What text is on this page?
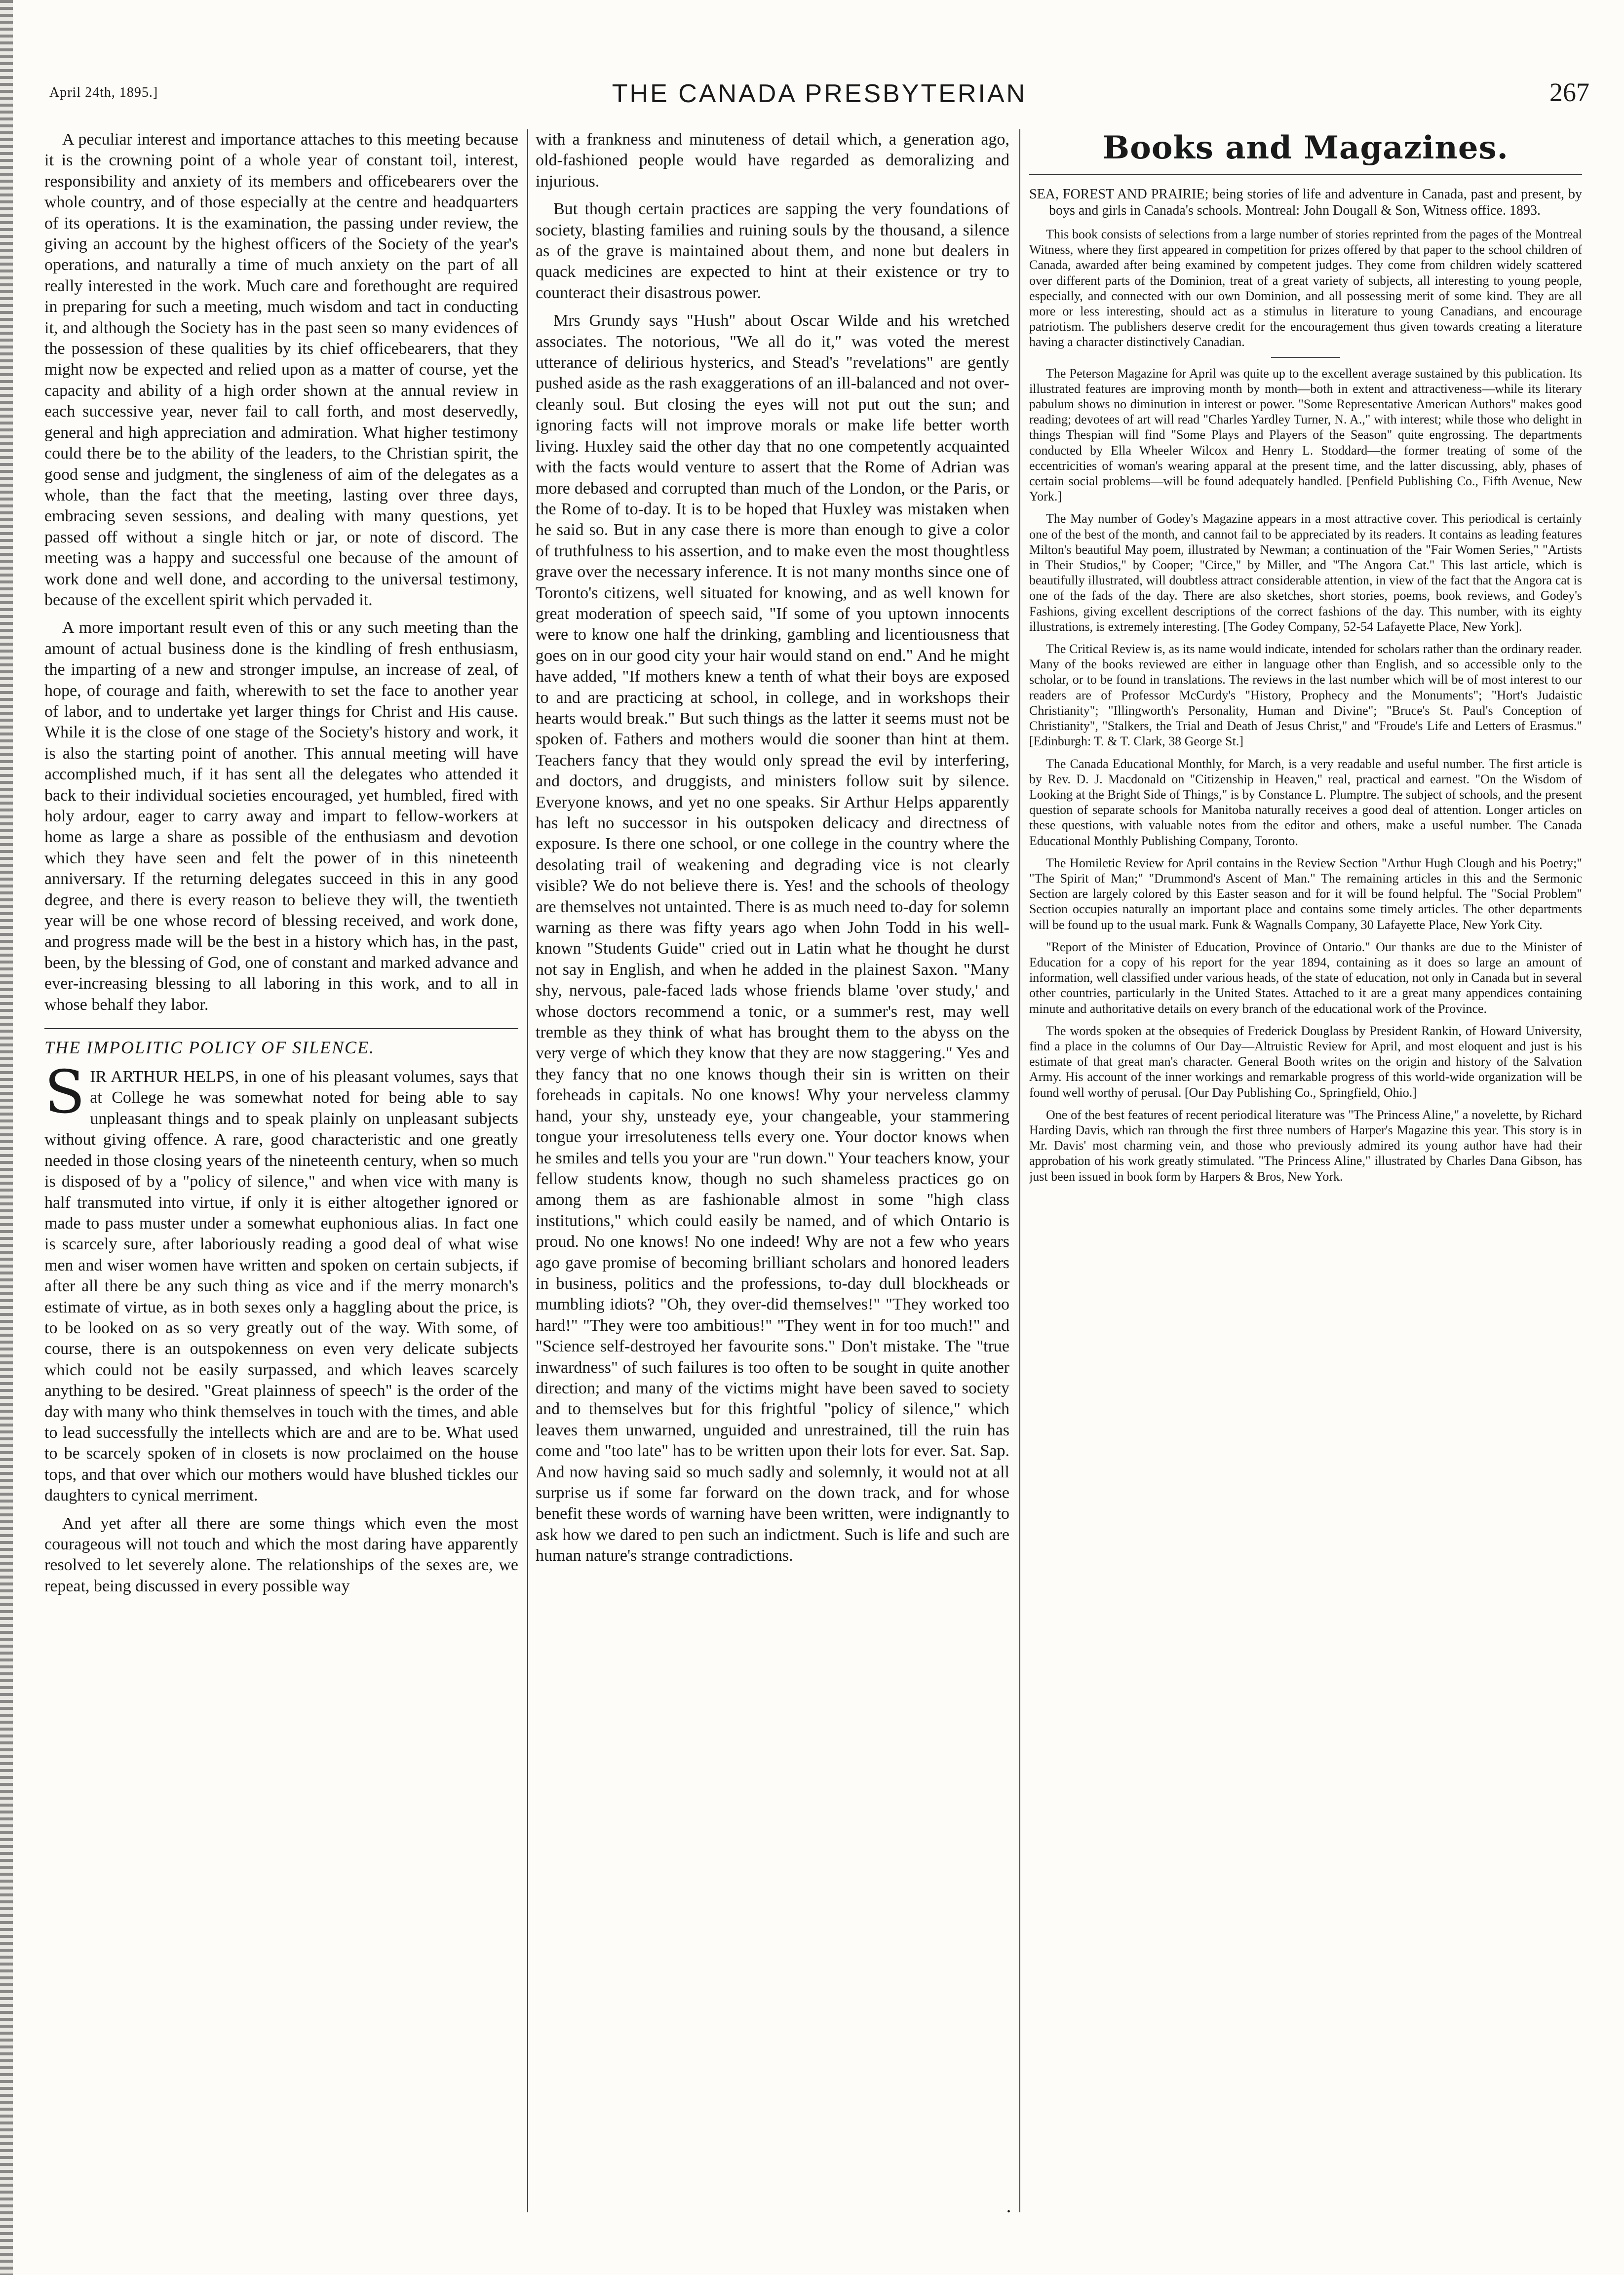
April 24th, 1895.]	THE CANADA PRESBYTERIAN	267

A peculiar interest and importance attaches to this meeting because it is the crowning point of a whole year of constant toil, interest, responsibility and anxiety of its members and officebearers over the whole country, and of those especially at the centre and headquarters of its operations. It is the examination, the passing under review, the giving an account by the highest officers of the Society of the year's operations, and naturally a time of much anxiety on the part of all really interested in the work. Much care and forethought are required in preparing for such a meeting, much wisdom and tact in conducting it, and although the Society has in the past seen so many evidences of the possession of these qualities by its chief officebearers, that they might now be expected and relied upon as a matter of course, yet the capacity and ability of a high order shown at the annual review in each successive year, never fail to call forth, and most deservedly, general and high appreciation and admiration. What higher testimony could there be to the ability of the leaders, to the Christian spirit, the good sense and judgment, the singleness of aim of the delegates as a whole, than the fact that the meeting, lasting over three days, embracing seven sessions, and dealing with many questions, yet passed off without a single hitch or jar, or note of discord. The meeting was a happy and successful one because of the amount of work done and well done, and according to the universal testimony, because of the excellent spirit which pervaded it.

A more important result even of this or any such meeting than the amount of actual business done is the kindling of fresh enthusiasm, the imparting of a new and stronger impulse, an increase of zeal, of hope, of courage and faith, wherewith to set the face to another year of labor, and to undertake yet larger things for Christ and His cause. While it is the close of one stage of the Society's history and work, it is also the starting point of another. This annual meeting will have accomplished much, if it has sent all the delegates who attended it back to their individual societies encouraged, yet humbled, fired with holy ardour, eager to carry away and impart to fellow-workers at home as large a share as possible of the enthusiasm and devotion which they have seen and felt the power of in this nineteenth anniversary. If the returning delegates succeed in this in any good degree, and there is every reason to believe they will, the twentieth year will be one whose record of blessing received, and work done, and progress made will be the best in a history which has, in the past, been, by the blessing of God, one of constant and marked advance and ever-increasing blessing to all laboring in this work, and to all in whose behalf they labor.

THE IMPOLITIC POLICY OF SILENCE.

SIR ARTHUR HELPS, in one of his pleasant volumes, says that at College he was somewhat noted for being able to say unpleasant things and to speak plainly on unpleasant subjects without giving offence. A rare, good characteristic and one greatly needed in those closing years of the nineteenth century, when so much is disposed of by a "policy of silence," and when vice with many is half transmuted into virtue, if only it is either altogether ignored or made to pass muster under a somewhat euphonious alias. In fact one is scarcely sure, after laboriously reading a good deal of what wise men and wiser women have written and spoken on certain subjects, if after all there be any such thing as vice and if the merry monarch's estimate of virtue, as in both sexes only a haggling about the price, is to be looked on as so very greatly out of the way. With some, of course, there is an outspokenness on even very delicate subjects which could not be easily surpassed, and which leaves scarcely anything to be desired. "Great plainness of speech" is the order of the day with many who think themselves in touch with the times, and able to lead successfully the intellects which are and are to be. What used to be scarcely spoken of in closets is now proclaimed on the house tops, and that over which our mothers would have blushed tickles our daughters to cynical merriment.

And yet after all there are some things which even the most courageous will not touch and which the most daring have apparently resolved to let severely alone. The relationships of the sexes are, we repeat, being discussed in every possible way

with a frankness and minuteness of detail which, a generation ago, old-fashioned people would have regarded as demoralizing and injurious.

But though certain practices are sapping the very foundations of society, blasting families and ruining souls by the thousand, a silence as of the grave is maintained about them, and none but dealers in quack medicines are expected to hint at their existence or try to counteract their disastrous power.

Mrs Grundy says "Hush" about Oscar Wilde and his wretched associates. The notorious, "We all do it," was voted the merest utterance of delirious hysterics, and Stead's "revelations" are gently pushed aside as the rash exaggerations of an ill-balanced and not over-cleanly soul. But closing the eyes will not put out the sun; and ignoring facts will not improve morals or make life better worth living. Huxley said the other day that no one competently acquainted with the facts would venture to assert that the Rome of Adrian was more debased and corrupted than much of the London, or the Paris, or the Rome of to-day. It is to be hoped that Huxley was mistaken when he said so. But in any case there is more than enough to give a color of truthfulness to his assertion, and to make even the most thoughtless grave over the necessary inference. It is not many months since one of Toronto's citizens, well situated for knowing, and as well known for great moderation of speech said, "If some of you uptown innocents were to know one half the drinking, gambling and licentiousness that goes on in our good city your hair would stand on end." And he might have added, "If mothers knew a tenth of what their boys are exposed to and are practicing at school, in college, and in workshops their hearts would break." But such things as the latter it seems must not be spoken of. Fathers and mothers would die sooner than hint at them. Teachers fancy that they would only spread the evil by interfering, and doctors, and druggists, and ministers follow suit by silence. Everyone knows, and yet no one speaks. Sir Arthur Helps apparently has left no successor in his outspoken delicacy and directness of exposure. Is there one school, or one college in the country where the desolating trail of weakening and degrading vice is not clearly visible? We do not believe there is. Yes! and the schools of theology are themselves not untainted. There is as much need to-day for solemn warning as there was fifty years ago when John Todd in his well-known "Students Guide" cried out in Latin what he thought he durst not say in English, and when he added in the plainest Saxon. "Many shy, nervous, pale-faced lads whose friends blame 'over study,' and whose doctors recommend a tonic, or a summer's rest, may well tremble as they think of what has brought them to the abyss on the very verge of which they know that they are now staggering." Yes and they fancy that no one knows though their sin is written on their foreheads in capitals. No one knows! Why your nerveless clammy hand, your shy, unsteady eye, your changeable, your stammering tongue your irresoluteness tells every one. Your doctor knows when he smiles and tells you your are "run down." Your teachers know, your fellow students know, though no such shameless practices go on among them as are fashionable almost in some "high class institutions," which could easily be named, and of which Ontario is proud. No one knows! No one indeed! Why are not a few who years ago gave promise of becoming brilliant scholars and honored leaders in business, politics and the professions, to-day dull blockheads or mumbling idiots? "Oh, they over-did themselves!" "They worked too hard!" "They were too ambitious!" "They went in for too much!" and "Science self-destroyed her favourite sons." Don't mistake. The "true inwardness" of such failures is too often to be sought in quite another direction; and many of the victims might have been saved to society and to themselves but for this frightful "policy of silence," which leaves them unwarned, unguided and unrestrained, till the ruin has come and "too late" has to be written upon their lots for ever. Sat. Sap. And now having said so much sadly and solemnly, it would not at all surprise us if some far forward on the down track, and for whose benefit these words of warning have been written, were indignantly to ask how we dared to pen such an indictment. Such is life and such are human nature's strange contradictions.

Books and Magazines.

SEA, FOREST AND PRAIRIE; being stories of life and adventure in Canada, past and present, by boys and girls in Canada's schools. Montreal: John Dougall & Son, Witness office. 1893.

This book consists of selections from a large number of stories reprinted from the pages of the Montreal Witness, where they first appeared in competition for prizes offered by that paper to the school children of Canada, awarded after being examined by competent judges. They come from children widely scattered over different parts of the Dominion, treat of a great variety of subjects, all interesting to young people, especially, and connected with our own Dominion, and all possessing merit of some kind. They are all more or less interesting, should act as a stimulus in literature to young Canadians, and encourage patriotism. The publishers deserve credit for the encouragement thus given towards creating a literature having a character distinctively Canadian.

The Peterson Magazine for April was quite up to the excellent average sustained by this publication. Its illustrated features are improving month by month—both in extent and attractiveness—while its literary pabulum shows no diminution in interest or power. "Some Representative American Authors" makes good reading; devotees of art will read "Charles Yardley Turner, N. A.," with interest; while those who delight in things Thespian will find "Some Plays and Players of the Season" quite engrossing. The departments conducted by Ella Wheeler Wilcox and Henry L. Stoddard—the former treating of some of the eccentricities of woman's wearing apparal at the present time, and the latter discussing, ably, phases of certain social problems—will be found adequately handled. [Penfield Publishing Co., Fifth Avenue, New York.]

The May number of Godey's Magazine appears in a most attractive cover. This periodical is certainly one of the best of the month, and cannot fail to be appreciated by its readers. It contains as leading features Milton's beautiful May poem, illustrated by Newman; a continuation of the "Fair Women Series," "Artists in Their Studios," by Cooper; "Circe," by Miller, and "The Angora Cat." This last article, which is beautifully illustrated, will doubtless attract considerable attention, in view of the fact that the Angora cat is one of the fads of the day. There are also sketches, short stories, poems, book reviews, and Godey's Fashions, giving excellent descriptions of the correct fashions of the day. This number, with its eighty illustrations, is extremely interesting. [The Godey Company, 52-54 Lafayette Place, New York].

The Critical Review is, as its name would indicate, intended for scholars rather than the ordinary reader. Many of the books reviewed are either in language other than English, and so accessible only to the scholar, or to be found in translations. The reviews in the last number which will be of most interest to our readers are of Professor McCurdy's "History, Prophecy and the Monuments"; "Hort's Judaistic Christianity"; "Illingworth's Personality, Human and Divine"; "Bruce's St. Paul's Conception of Christianity", "Stalkers, the Trial and Death of Jesus Christ," and "Froude's Life and Letters of Erasmus." [Edinburgh: T. & T. Clark, 38 George St.]

The Canada Educational Monthly, for March, is a very readable and useful number. The first article is by Rev. D. J. Macdonald on "Citizenship in Heaven," real, practical and earnest. "On the Wisdom of Looking at the Bright Side of Things," is by Constance L. Plumptre. The subject of schools, and the present question of separate schools for Manitoba naturally receives a good deal of attention. Longer articles on these questions, with valuable notes from the editor and others, make a useful number. The Canada Educational Monthly Publishing Company, Toronto.

The Homiletic Review for April contains in the Review Section "Arthur Hugh Clough and his Poetry;" "The Spirit of Man;" "Drummond's Ascent of Man." The remaining articles in this and the Sermonic Section are largely colored by this Easter season and for it will be found helpful. The "Social Problem" Section occupies naturally an important place and contains some timely articles. The other departments will be found up to the usual mark. Funk & Wagnalls Company, 30 Lafayette Place, New York City.

"Report of the Minister of Education, Province of Ontario." Our thanks are due to the Minister of Education for a copy of his report for the year 1894, containing as it does so large an amount of information, well classified under various heads, of the state of education, not only in Canada but in several other countries, particularly in the United States. Attached to it are a great many appendices containing minute and authoritative details on every branch of the educational work of the Province.

The words spoken at the obsequies of Frederick Douglass by President Rankin, of Howard University, find a place in the columns of Our Day—Altruistic Review for April, and most eloquent and just is his estimate of that great man's character. General Booth writes on the origin and history of the Salvation Army. His account of the inner workings and remarkable progress of this world-wide organization will be found well worthy of perusal. [Our Day Publishing Co., Springfield, Ohio.]

One of the best features of recent periodical literature was "The Princess Aline," a novelette, by Richard Harding Davis, which ran through the first three numbers of Harper's Magazine this year. This story is in Mr. Davis' most charming vein, and those who previously admired its young author have had their approbation of his work greatly stimulated. "The Princess Aline," illustrated by Charles Dana Gibson, has just been issued in book form by Harpers & Bros, New York.

•
